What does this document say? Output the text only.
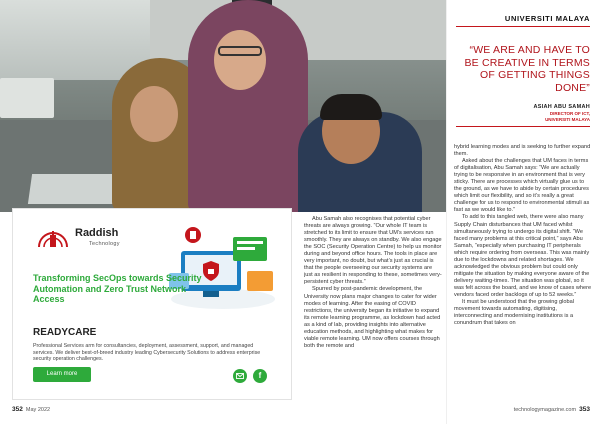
UNIVERSITI MALAYA
“WE ARE AND HAVE TO BE CREATIVE IN TERMS OF GETTING THINGS DONE”
ASIAH ABU SAMAH
DIRECTOR OF ICT,
UNIVERSITI MALAYA

Abu Samah also recognises that potential cyber threats are always growing. “Our whole IT team is stretched to its limit to ensure that UM’s services run smoothly. They are always on standby. We also engage the SOC (Security Operation Centre) to help us monitor during and beyond office hours. The tools in place are very important, no doubt, but what’s just as crucial is that the people overseeing our security systems are just as resilient in responding to these, sometimes very-persistent cyber threats.”

Spurred by post-pandemic development, the University now plans major changes to cater for wider modes of learning. After the easing of COVID restrictions, the university began its initiative to expand its remote learning programme, as lockdown had acted as a kind of lab, providing insights into alternative education methods, and highlighting what makes for viable remote learning. UM now offers courses through both the remote and

hybrid learning modes and is seeking to further expand them.

Asked about the challenges that UM faces in terms of digitalisation, Abu Samah says: “We are actually trying to be responsive in an environment that is very sticky. There are processes which virtually glue us to the ground, as we have to abide by certain procedures which limit our flexibility, and so it’s really a great challenge for us to respond to environmental stimuli as fast as we would like to.”

To add to this tangled web, there were also many Supply Chain disturbances that UM faced whilst simultaneously trying to undergo its digital shift. “We faced many problems at this critical point,” says Abu Samah, “especially when purchasing IT peripherals which require ordering from overseas. This was mainly due to the lockdowns and related shortages. We acknowledged the obvious problem but could only mitigate the situation by making everyone aware of the delivery waiting-times. The situation was global, so it was felt across the board, and we know of cases where vendors faced order backlogs of up to 52 weeks.”

It must be understood that the growing global movement towards automating, digitising, interconnecting and modernising institutions is a conundrum that takes on

Raddish
Technology
Transforming SecOps towards Security Automation and Zero Trust Network Access
READYCARE
Professional Services arm for consultancies, deployment, assessment, support, and managed services. We deliver best-of-breed industry leading Cybersecurity Solutions to address enterprise security operation challenges.
Learn more	f
352 May 2022	technologymagazine.com 353
